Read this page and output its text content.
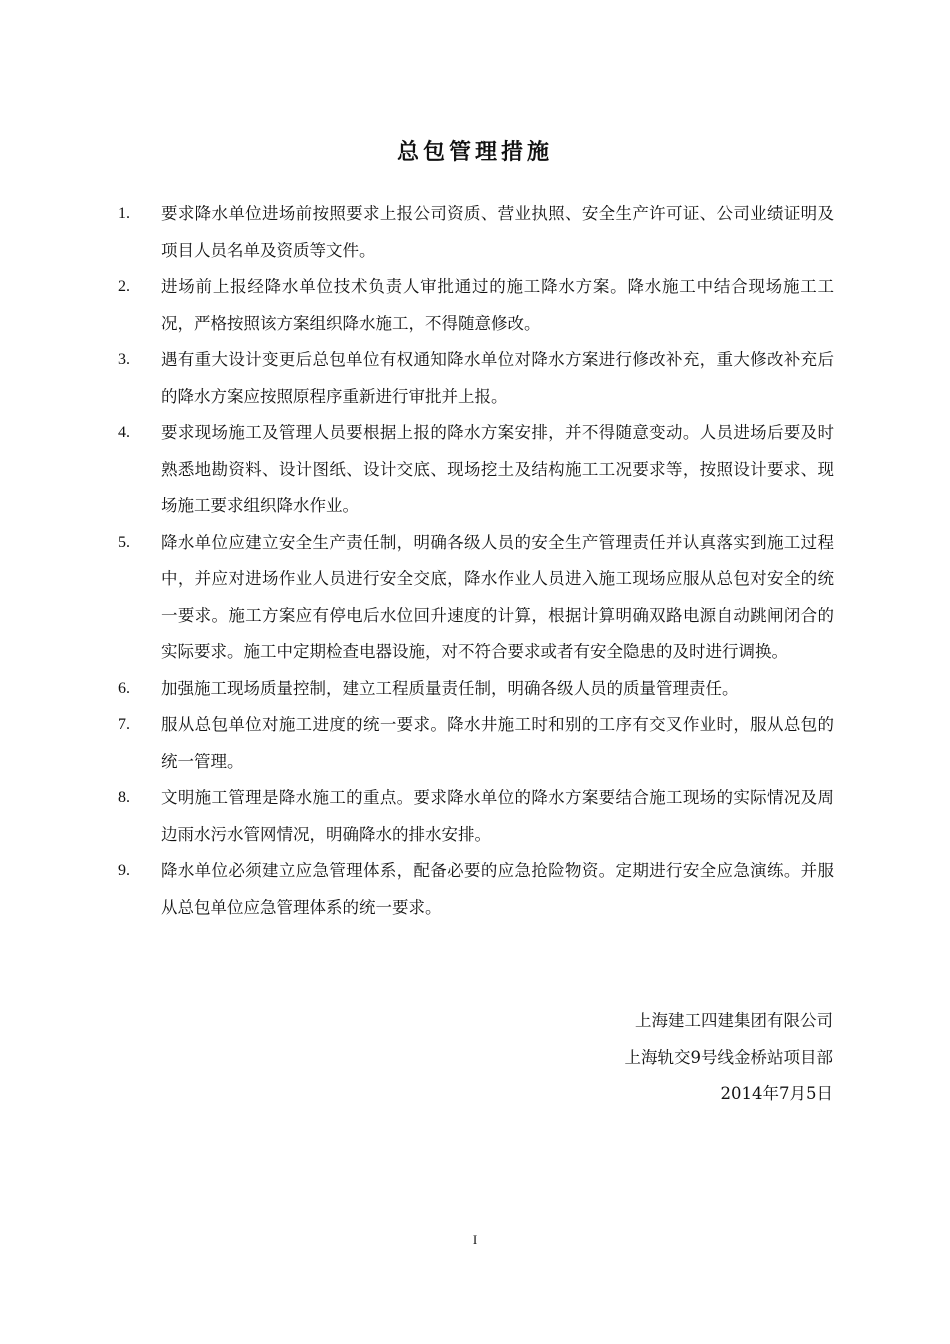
总包管理措施
1.	要求降水单位进场前按照要求上报公司资质、营业执照、安全生产许可证、公司业绩证明及项目人员名单及资质等文件。
2.	进场前上报经降水单位技术负责人审批通过的施工降水方案。降水施工中结合现场施工工况，严格按照该方案组织降水施工，不得随意修改。
3.	遇有重大设计变更后总包单位有权通知降水单位对降水方案进行修改补充，重大修改补充后的降水方案应按照原程序重新进行审批并上报。
4.	要求现场施工及管理人员要根据上报的降水方案安排，并不得随意变动。人员进场后要及时熟悉地勘资料、设计图纸、设计交底、现场挖土及结构施工工况要求等，按照设计要求、现场施工要求组织降水作业。
5.	降水单位应建立安全生产责任制，明确各级人员的安全生产管理责任并认真落实到施工过程中，并应对进场作业人员进行安全交底，降水作业人员进入施工现场应服从总包对安全的统一要求。施工方案应有停电后水位回升速度的计算，根据计算明确双路电源自动跳闸闭合的实际要求。施工中定期检查电器设施，对不符合要求或者有安全隐患的及时进行调换。
6.	加强施工现场质量控制，建立工程质量责任制，明确各级人员的质量管理责任。
7.	服从总包单位对施工进度的统一要求。降水井施工时和别的工序有交叉作业时，服从总包的统一管理。
8.	文明施工管理是降水施工的重点。要求降水单位的降水方案要结合施工现场的实际情况及周边雨水污水管网情况，明确降水的排水安排。
9.	降水单位必须建立应急管理体系，配备必要的应急抢险物资。定期进行安全应急演练。并服从总包单位应急管理体系的统一要求。
上海建工四建集团有限公司
上海轨交9号线金桥站项目部
2014年7月5日
I
